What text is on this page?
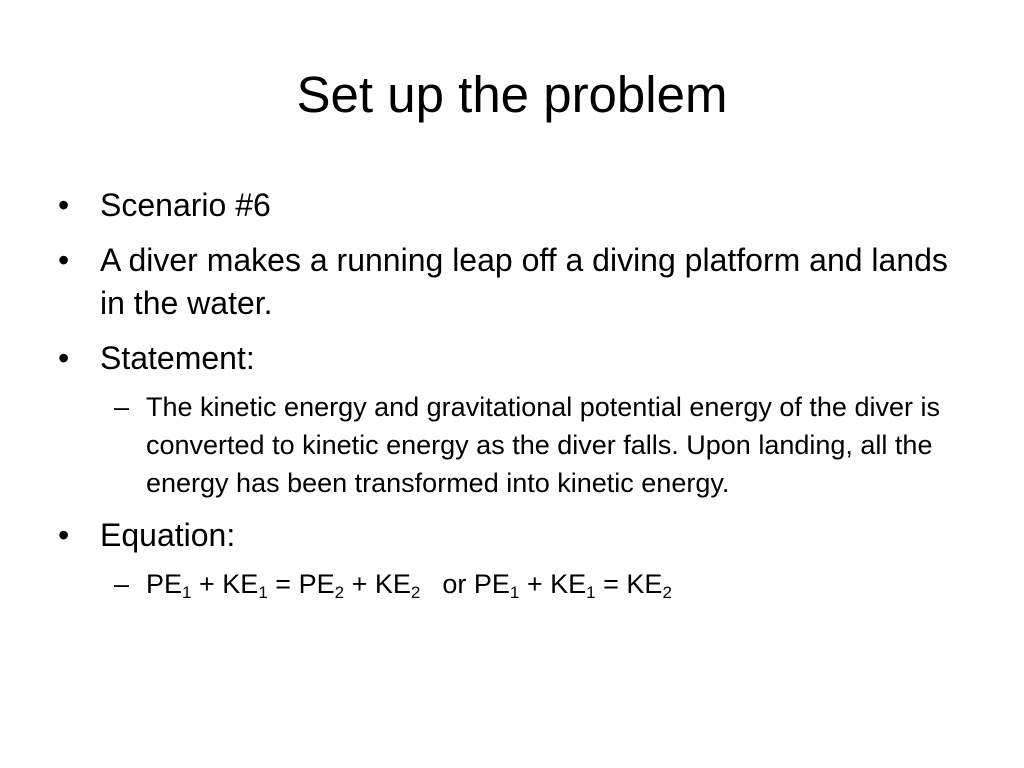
Set up the problem
• Scenario #6
• A diver makes a running leap off a diving platform and lands in the water.
• Statement:
– The kinetic energy and gravitational potential energy of the diver is converted to kinetic energy as the diver falls. Upon landing, all the energy has been transformed into kinetic energy.
• Equation:
– $PE_1 + KE_1 = PE_2 + KE_2$ or $PE_1 + KE_1 = KE_2$
